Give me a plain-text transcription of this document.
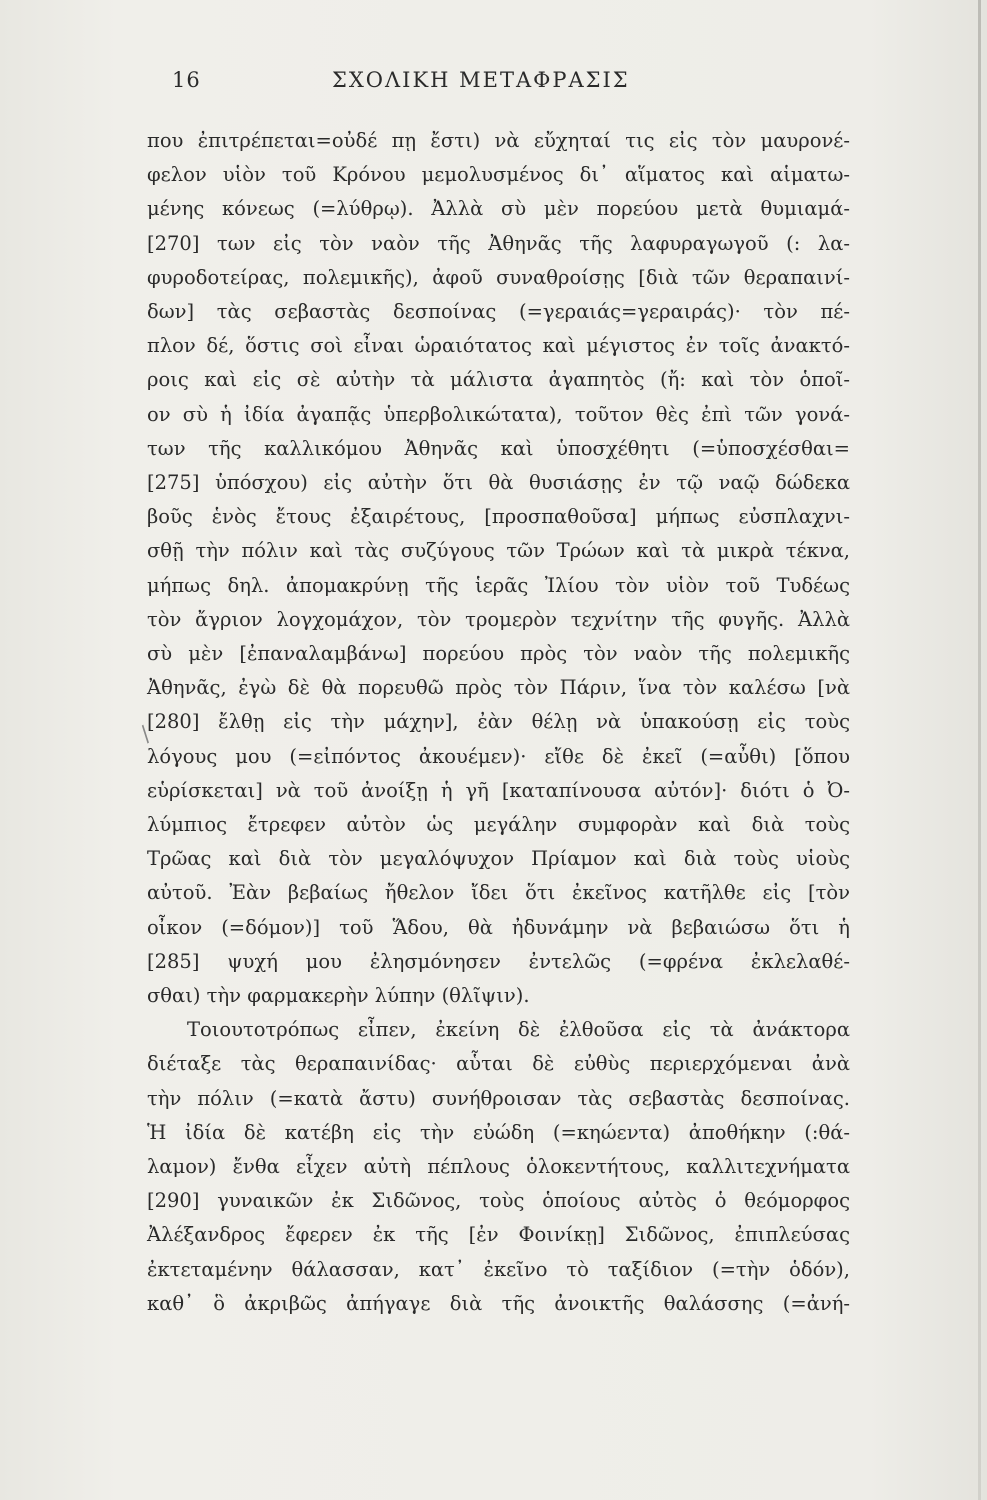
16	ΣΧΟΛΙΚΗ ΜΕΤΑΦΡΑΣΙΣ
/
που ἐπιτρέπεται=οὐδέ πῃ ἔστι) νὰ εὔχηταί τις εἰς τὸν μαυρονέ-
φελον υἱὸν τοῦ Κρόνου μεμολυσμένος δι᾽ αἵματος καὶ αἱματω-
μένης κόνεως (=λύθρῳ). Ἀλλὰ σὺ μὲν πορεύου μετὰ θυμιαμά-
[270] των εἰς τὸν ναὸν τῆς Ἀθηνᾶς τῆς λαφυραγωγοῦ (: λα-
φυροδοτείρας, πολεμικῆς), ἀφοῦ συναθροίσῃς [διὰ τῶν θεραπαινί-
δων] τὰς σεβαστὰς δεσποίνας (=γεραιάς=γεραιράς)· τὸν πέ-
πλον δέ, ὅστις σοὶ εἶναι ὡραιότατος καὶ μέγιστος ἐν τοῖς ἀνακτό-
ροις καὶ εἰς σὲ αὐτὴν τὰ μάλιστα ἀγαπητὸς (ἤ: καὶ τὸν ὁποῖ-
ον σὺ ἡ ἰδία ἀγαπᾷς ὑπερβολικώτατα), τοῦτον θὲς ἐπὶ τῶν γονά-
των τῆς καλλικόμου Ἀθηνᾶς καὶ ὑποσχέθητι (=ὑποσχέσθαι=
[275] ὑπόσχου) εἰς αὐτὴν ὅτι θὰ θυσιάσῃς ἐν τῷ ναῷ δώδεκα
βοῦς ἑνὸς ἔτους ἐξαιρέτους, [προσπαθοῦσα] μήπως εὐσπλαχνι-
σθῇ τὴν πόλιν καὶ τὰς συζύγους τῶν Τρώων καὶ τὰ μικρὰ τέκνα,
μήπως δηλ. ἀπομακρύνῃ τῆς ἱερᾶς Ἰλίου τὸν υἱὸν τοῦ Τυδέως
τὸν ἄγριον λογχομάχον, τὸν τρομερὸν τεχνίτην τῆς φυγῆς. Ἀλλὰ
σὺ μὲν [ἐπαναλαμβάνω] πορεύου πρὸς τὸν ναὸν τῆς πολεμικῆς
Ἀθηνᾶς, ἐγὼ δὲ θὰ πορευθῶ πρὸς τὸν Πάριν, ἵνα τὸν καλέσω [νὰ
[280] ἔλθῃ εἰς τὴν μάχην], ἐὰν θέλῃ νὰ ὑπακούσῃ εἰς τοὺς
λόγους μου (=εἰπόντος ἀκουέμεν)· εἴθε δὲ ἐκεῖ (=αὖθι) [ὅπου
εὑρίσκεται] νὰ τοῦ ἀνοίξῃ ἡ γῆ [καταπίνουσα αὐτόν]· διότι ὁ Ὀ-
λύμπιος ἔτρεφεν αὐτὸν ὡς μεγάλην συμφορὰν καὶ διὰ τοὺς
Τρῶας καὶ διὰ τὸν μεγαλόψυχον Πρίαμον καὶ διὰ τοὺς υἱοὺς
αὐτοῦ. Ἐὰν βεβαίως ἤθελον ἴδει ὅτι ἐκεῖνος κατῆλθε εἰς [τὸν
οἶκον (=δόμον)] τοῦ Ἅδου, θὰ ἠδυνάμην νὰ βεβαιώσω ὅτι ἡ
[285] ψυχή μου ἐλησμόνησεν ἐντελῶς (=φρένα ἐκλελαθέ-
σθαι) τὴν φαρμακερὴν λύπην (θλῖψιν).
Τοιουτοτρόπως εἶπεν, ἐκείνη δὲ ἐλθοῦσα εἰς τὰ ἀνάκτορα
διέταξε τὰς θεραπαινίδας· αὗται δὲ εὐθὺς περιερχόμεναι ἀνὰ
τὴν πόλιν (=κατὰ ἄστυ) συνήθροισαν τὰς σεβαστὰς δεσποίνας.
Ἡ ἰδία δὲ κατέβη εἰς τὴν εὐώδη (=κηώεντα) ἀποθήκην (:θά-
λαμον) ἔνθα εἶχεν αὐτὴ πέπλους ὁλοκεντήτους, καλλιτεχνήματα
[290] γυναικῶν ἐκ Σιδῶνος, τοὺς ὁποίους αὐτὸς ὁ θεόμορφος
Ἀλέξανδρος ἔφερεν ἐκ τῆς [ἐν Φοινίκῃ] Σιδῶνος, ἐπιπλεύσας
ἐκτεταμένην θάλασσαν, κατ᾽ ἐκεῖνο τὸ ταξίδιον (=τὴν ὁδόν),
καθ᾽ ὃ ἀκριβῶς ἀπήγαγε διὰ τῆς ἀνοικτῆς θαλάσσης (=ἀνή-
